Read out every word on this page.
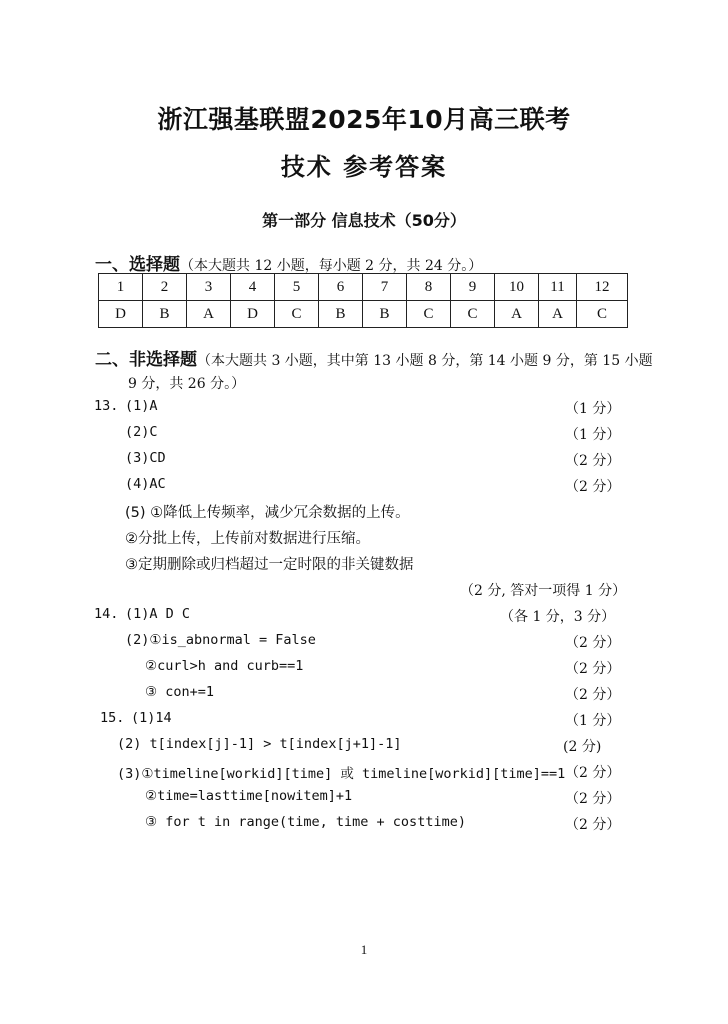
浙江强基联盟2025年10月高三联考
技术 参考答案
第一部分 信息技术（50分）
一、选择题（本大题共 12 小题，每小题 2 分，共 24 分。）
1	2	3	4	5	6	7	8	9	10	11	12
D	B	A	D	C	B	B	C	C	A	A	C
二、非选择题（本大题共 3 小题，其中第 13 小题 8 分，第 14 小题 9 分，第 15 小题
9 分，共 26 分。）
13. (1)A	（1 分）
(2)C	（1 分）
(3)CD	（2 分）
(4)AC	（2 分）
(5) ①降低上传频率，减少冗余数据的上传。
②分批上传，上传前对数据进行压缩。
③定期删除或归档超过一定时限的非关键数据
（2 分, 答对一项得 1 分）
14. (1)A D C	（各 1 分，3 分）
(2)①is_abnormal = False	（2 分）
②curl>h and curb==1	（2 分）
③ con+=1	（2 分）
15. (1)14	（1 分）
(2) t[index[j]-1] > t[index[j+1]-1]	(2 分)
(3)①timeline[workid][time] 或 timeline[workid][time]==1 （2 分）
②time=lasttime[nowitem]+1	（2 分）
③ for t in range(time, time + costtime)	（2 分）
1
